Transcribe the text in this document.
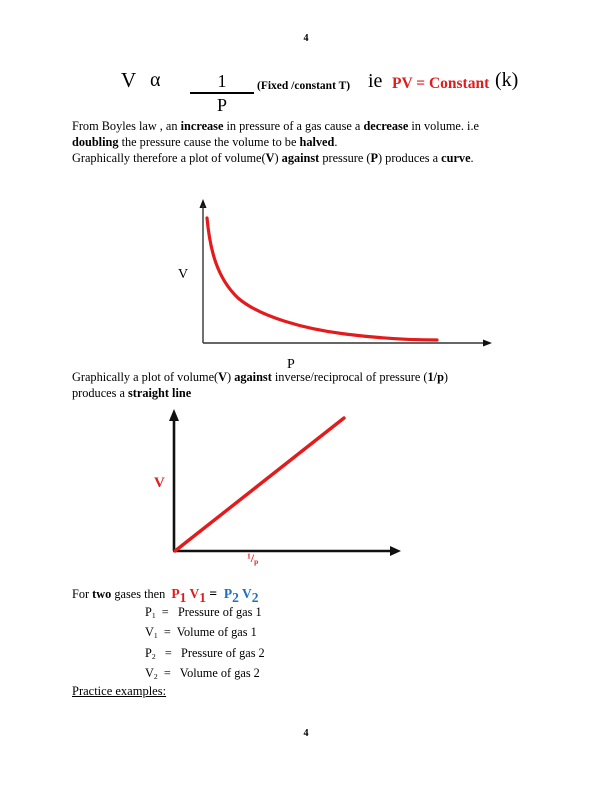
4
V α	1
P
(Fixed /constant T) ie PV = Constant (k)
From Boyles law , an increase in pressure of a gas cause a decrease in volume. i.e
doubling the pressure cause the volume to be halved.
Graphically therefore a plot of volume(V) against pressure (P) produces a curve.
V
P
Graphically a plot of volume(V) against inverse/reciprocal of pressure (1/p)
produces a straight line
V
$^1/_p$
For two gases then  P1 V1 =  P2 V2
$P_1$  =   Pressure of gas 1
$V_1$  =  Volume of gas 1
$P_2$   =   Pressure of gas 2
$V_2$  =   Volume of gas 2
Practice examples:
4
